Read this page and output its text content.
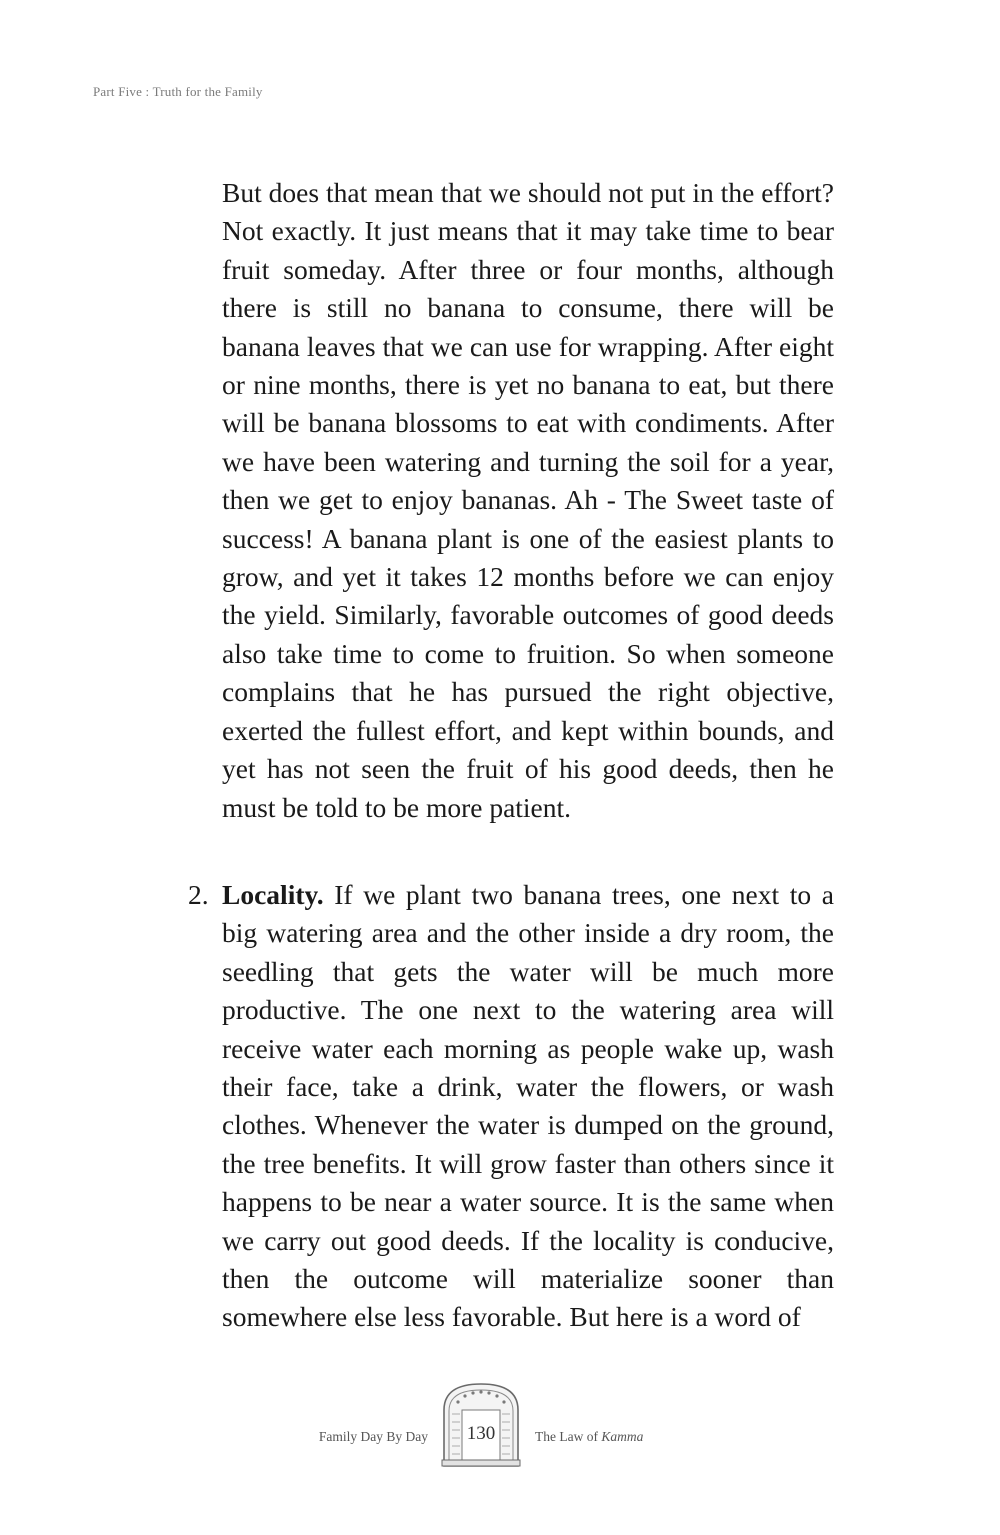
Part Five : Truth for the Family

But does that mean that we should not put in the effort? Not exactly. It just means that it may take time to bear fruit someday. After three or four months, although there is still no banana to consume, there will be banana leaves that we can use for wrapping. After eight or nine months, there is yet no banana to eat, but there will be banana blossoms to eat with condiments. After we have been watering and turning the soil for a year, then we get to enjoy bananas. Ah - The Sweet taste of success! A banana plant is one of the easiest plants to grow, and yet it takes 12 months before we can enjoy the yield. Similarly, favorable outcomes of good deeds also take time to come to fruition. So when someone complains that he has pursued the right objective, exerted the fullest effort, and kept within bounds, and yet has not seen the fruit of his good deeds, then he must be told to be more patient.

2. Locality. If we plant two banana trees, one next to a big watering area and the other inside a dry room, the seedling that gets the water will be much more productive. The one next to the watering area will receive water each morning as people wake up, wash their face, take a drink, water the flowers, or wash clothes. Whenever the water is dumped on the ground, the tree benefits. It will grow faster than others since it happens to be near a water source. It is the same when we carry out good deeds. If the locality is conducive, then the outcome will materialize sooner than somewhere else less favorable. But here is a word of

Family Day By Day	130	The Law of Kamma
